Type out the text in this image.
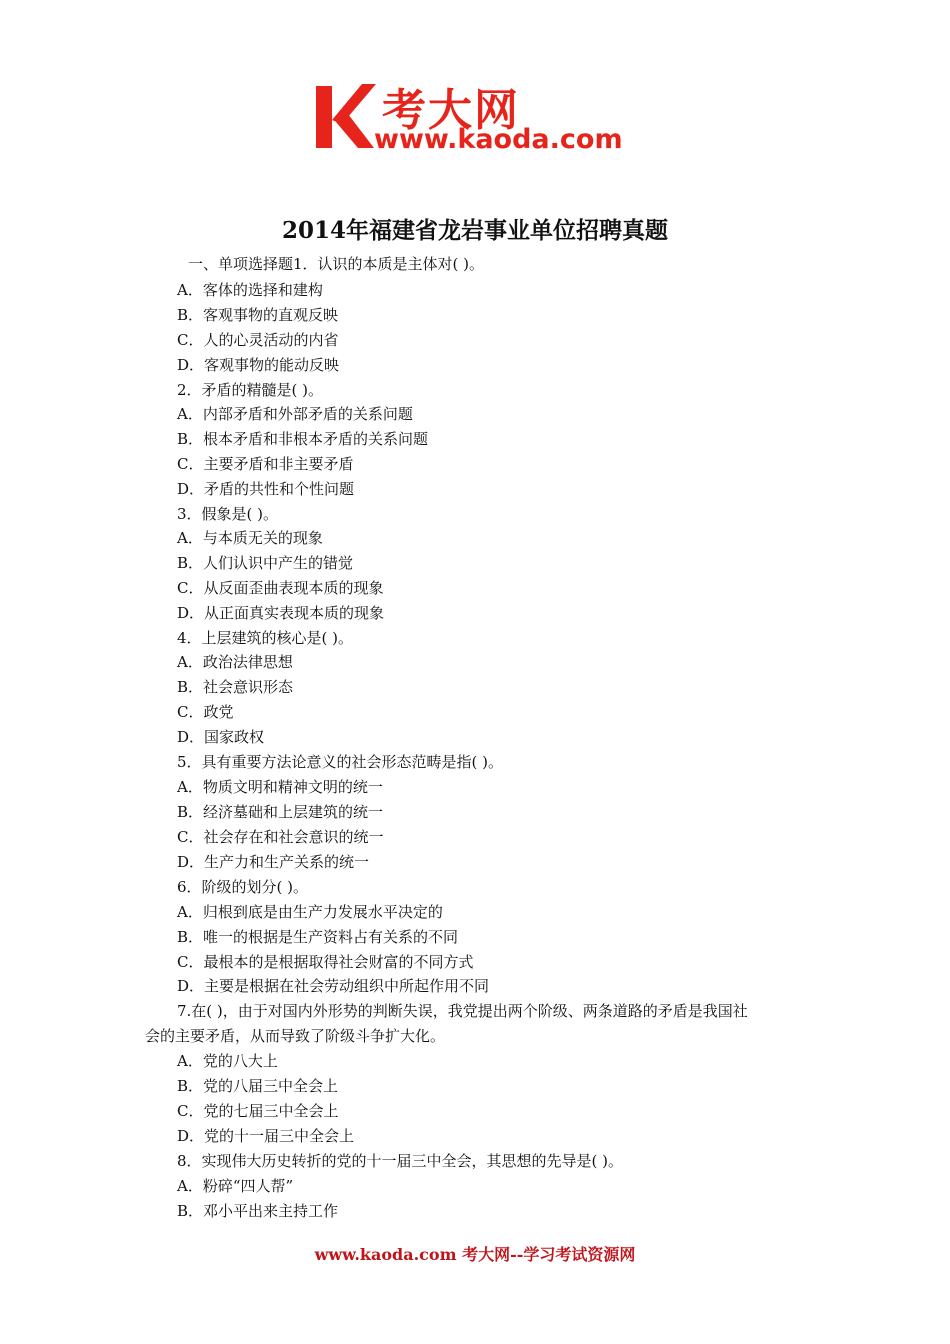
考大网
www.kaoda.com
2014年福建省龙岩事业单位招聘真题
一、单项选择题1．认识的本质是主体对( )。
A．客体的选择和建构
B．客观事物的直观反映
C．人的心灵活动的内省
D．客观事物的能动反映
2．矛盾的精髓是( )。
A．内部矛盾和外部矛盾的关系问题
B．根本矛盾和非根本矛盾的关系问题
C．主要矛盾和非主要矛盾
D．矛盾的共性和个性问题
3．假象是( )。
A．与本质无关的现象
B．人们认识中产生的错觉
C．从反面歪曲表现本质的现象
D．从正面真实表现本质的现象
4．上层建筑的核心是( )。
A．政治法律思想
B．社会意识形态
C．政党
D．国家政权
5．具有重要方法论意义的社会形态范畴是指( )。
A．物质文明和精神文明的统一
B．经济墓础和上层建筑的统一
C．社会存在和社会意识的统一
D．生产力和生产关系的统一
6．阶级的划分( )。
A．归根到底是由生产力发展水平决定的
B．唯一的根据是生产资料占有关系的不同
C．最根本的是根据取得社会财富的不同方式
D．主要是根据在社会劳动组织中所起作用不同
7.在( )，由于对国内外形势的判断失误，我党提出两个阶级、两条道路的矛盾是我国社
会的主要矛盾，从而导致了阶级斗争扩大化。
A．党的八大上
B．党的八届三中全会上
C．党的七届三中全会上
D．党的十一届三中全会上
8．实现伟大历史转折的党的十一届三中全会，其思想的先导是( )。
A．粉碎“四人帮”
B．邓小平出来主持工作
www.kaoda.com 考大网--学习考试资源网
